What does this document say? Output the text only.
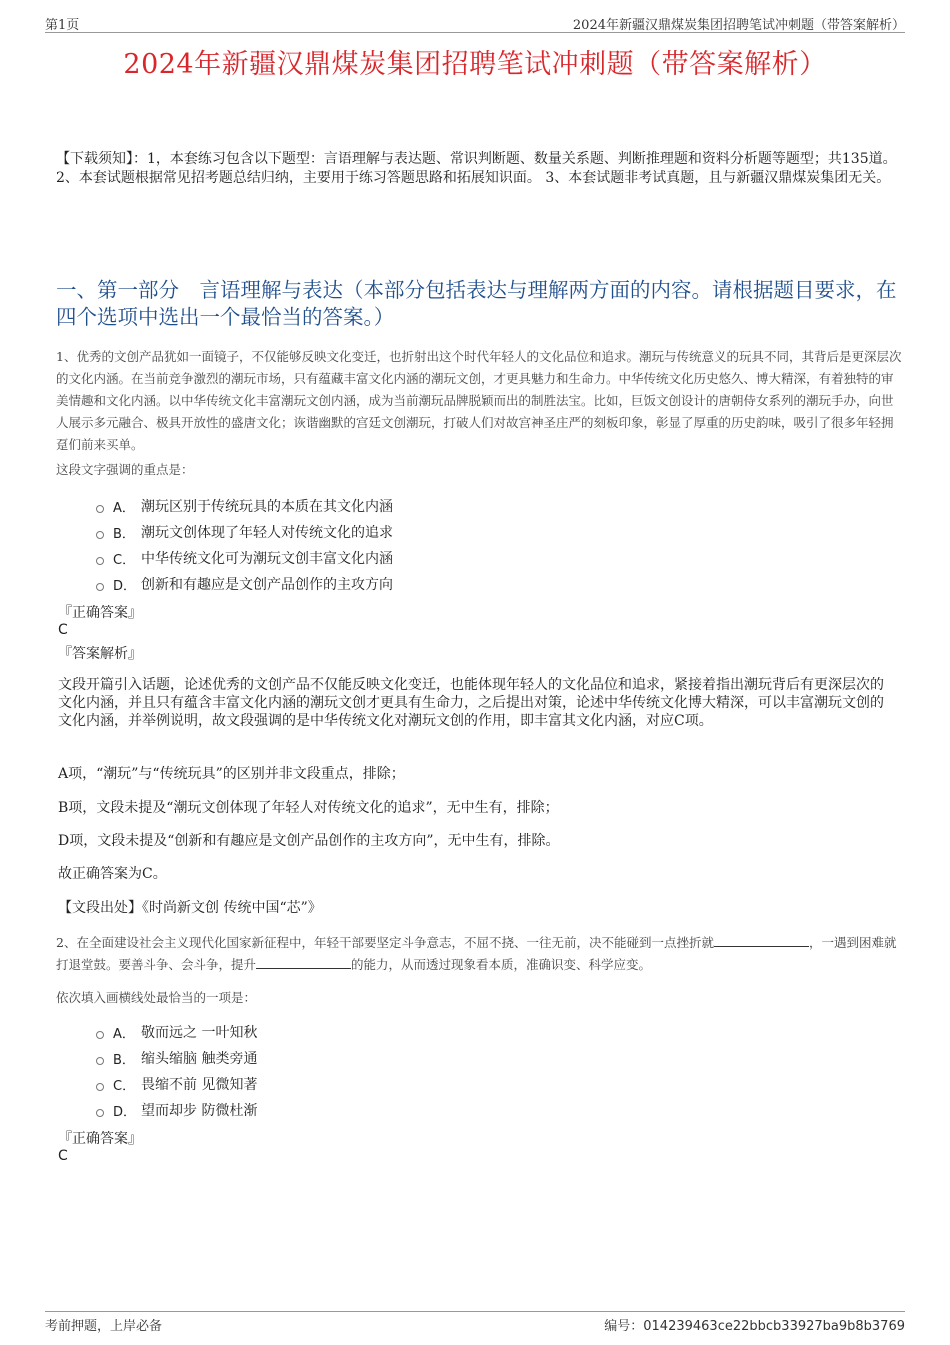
第1页	2024年新疆汉鼎煤炭集团招聘笔试冲刺题（带答案解析）
2024年新疆汉鼎煤炭集团招聘笔试冲刺题（带答案解析）
【下载须知】：1，本套练习包含以下题型：言语理解与表达题、常识判断题、数量关系题、判断推理题和资料分析题等题型；共135道。 2、本套试题根据常见招考题总结归纳，主要用于练习答题思路和拓展知识面。 3、本套试题非考试真题，且与新疆汉鼎煤炭集团无关。
一、第一部分　言语理解与表达（本部分包括表达与理解两方面的内容。请根据题目要求，在四个选项中选出一个最恰当的答案。）
1、优秀的文创产品犹如一面镜子，不仅能够反映文化变迁，也折射出这个时代年轻人的文化品位和追求。潮玩与传统意义的玩具不同，其背后是更深层次的文化内涵。在当前竞争激烈的潮玩市场，只有蕴藏丰富文化内涵的潮玩文创，才更具魅力和生命力。中华传统文化历史悠久、博大精深，有着独特的审美情趣和文化内涵。以中华传统文化丰富潮玩文创内涵，成为当前潮玩品牌脱颖而出的制胜法宝。比如，巨饭文创设计的唐朝侍女系列的潮玩手办，向世人展示多元融合、极具开放性的盛唐文化；诙谐幽默的宫廷文创潮玩，打破人们对故宫神圣庄严的刻板印象，彰显了厚重的历史韵味，吸引了很多年轻拥趸们前来买单。
这段文字强调的重点是：
A． 潮玩区别于传统玩具的本质在其文化内涵
B． 潮玩文创体现了年轻人对传统文化的追求
C． 中华传统文化可为潮玩文创丰富文化内涵
D． 创新和有趣应是文创产品创作的主攻方向
『正确答案』
C
『答案解析』
文段开篇引入话题，论述优秀的文创产品不仅能反映文化变迁，也能体现年轻人的文化品位和追求，紧接着指出潮玩背后有更深层次的文化内涵，并且只有蕴含丰富文化内涵的潮玩文创才更具有生命力，之后提出对策，论述中华传统文化博大精深，可以丰富潮玩文创的文化内涵，并举例说明，故文段强调的是中华传统文化对潮玩文创的作用，即丰富其文化内涵，对应C项。
A项，“潮玩”与“传统玩具”的区别并非文段重点，排除；
B项，文段未提及“潮玩文创体现了年轻人对传统文化的追求”，无中生有，排除；
D项，文段未提及“创新和有趣应是文创产品创作的主攻方向”，无中生有，排除。
故正确答案为C。
【文段出处】《时尚新文创 传统中国“芯”》
2、在全面建设社会主义现代化国家新征程中，年轻干部要坚定斗争意志，不屈不挠、一往无前，决不能碰到一点挫折就	，一遇到困难就打退堂鼓。要善斗争、会斗争，提升	的能力，从而透过现象看本质，准确识变、科学应变。
依次填入画横线处最恰当的一项是：
A． 敬而远之 一叶知秋
B． 缩头缩脑 触类旁通
C． 畏缩不前 见微知著
D． 望而却步 防微杜渐
『正确答案』
C
考前押题，上岸必备	编号：014239463ce22bbcb33927ba9b8b3769
